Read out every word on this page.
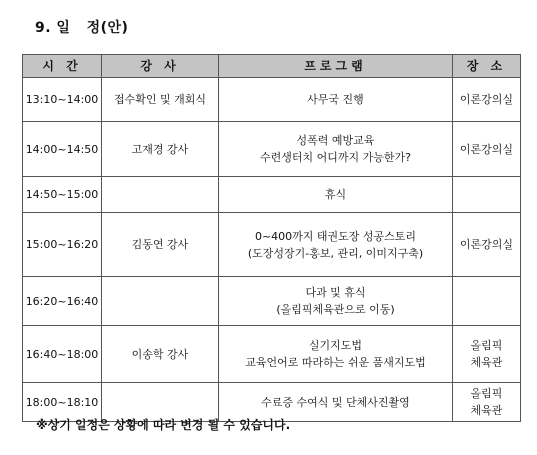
9. 일   정(안)
시 간	강 사	프로그램	장 소
13:10~14:00	접수확인 및 개회식	사무국 진행	이론강의실

14:00~14:50	고재경 강사	성폭력 예방교육
수련생터치 어디까지 가능한가?	이론강의실

14:50~15:00		휴식	

15:00~16:20	김동연 강사	0~400까지 태권도장 성공스토리
(도장성장기-홍보, 관리, 이미지구축)	이론강의실

16:20~16:40		다과 및 휴식
(올림픽체육관으로 이동)	

16:40~18:00	이송학 강사	실기지도법
교육언어로 따라하는 쉬운 품새지도법	올림픽
체육관

18:00~18:10		수료증 수여식 및 단체사진촬영	올림픽
체육관
※상기 일정은 상황에 따라 변경 될 수 있습니다.
